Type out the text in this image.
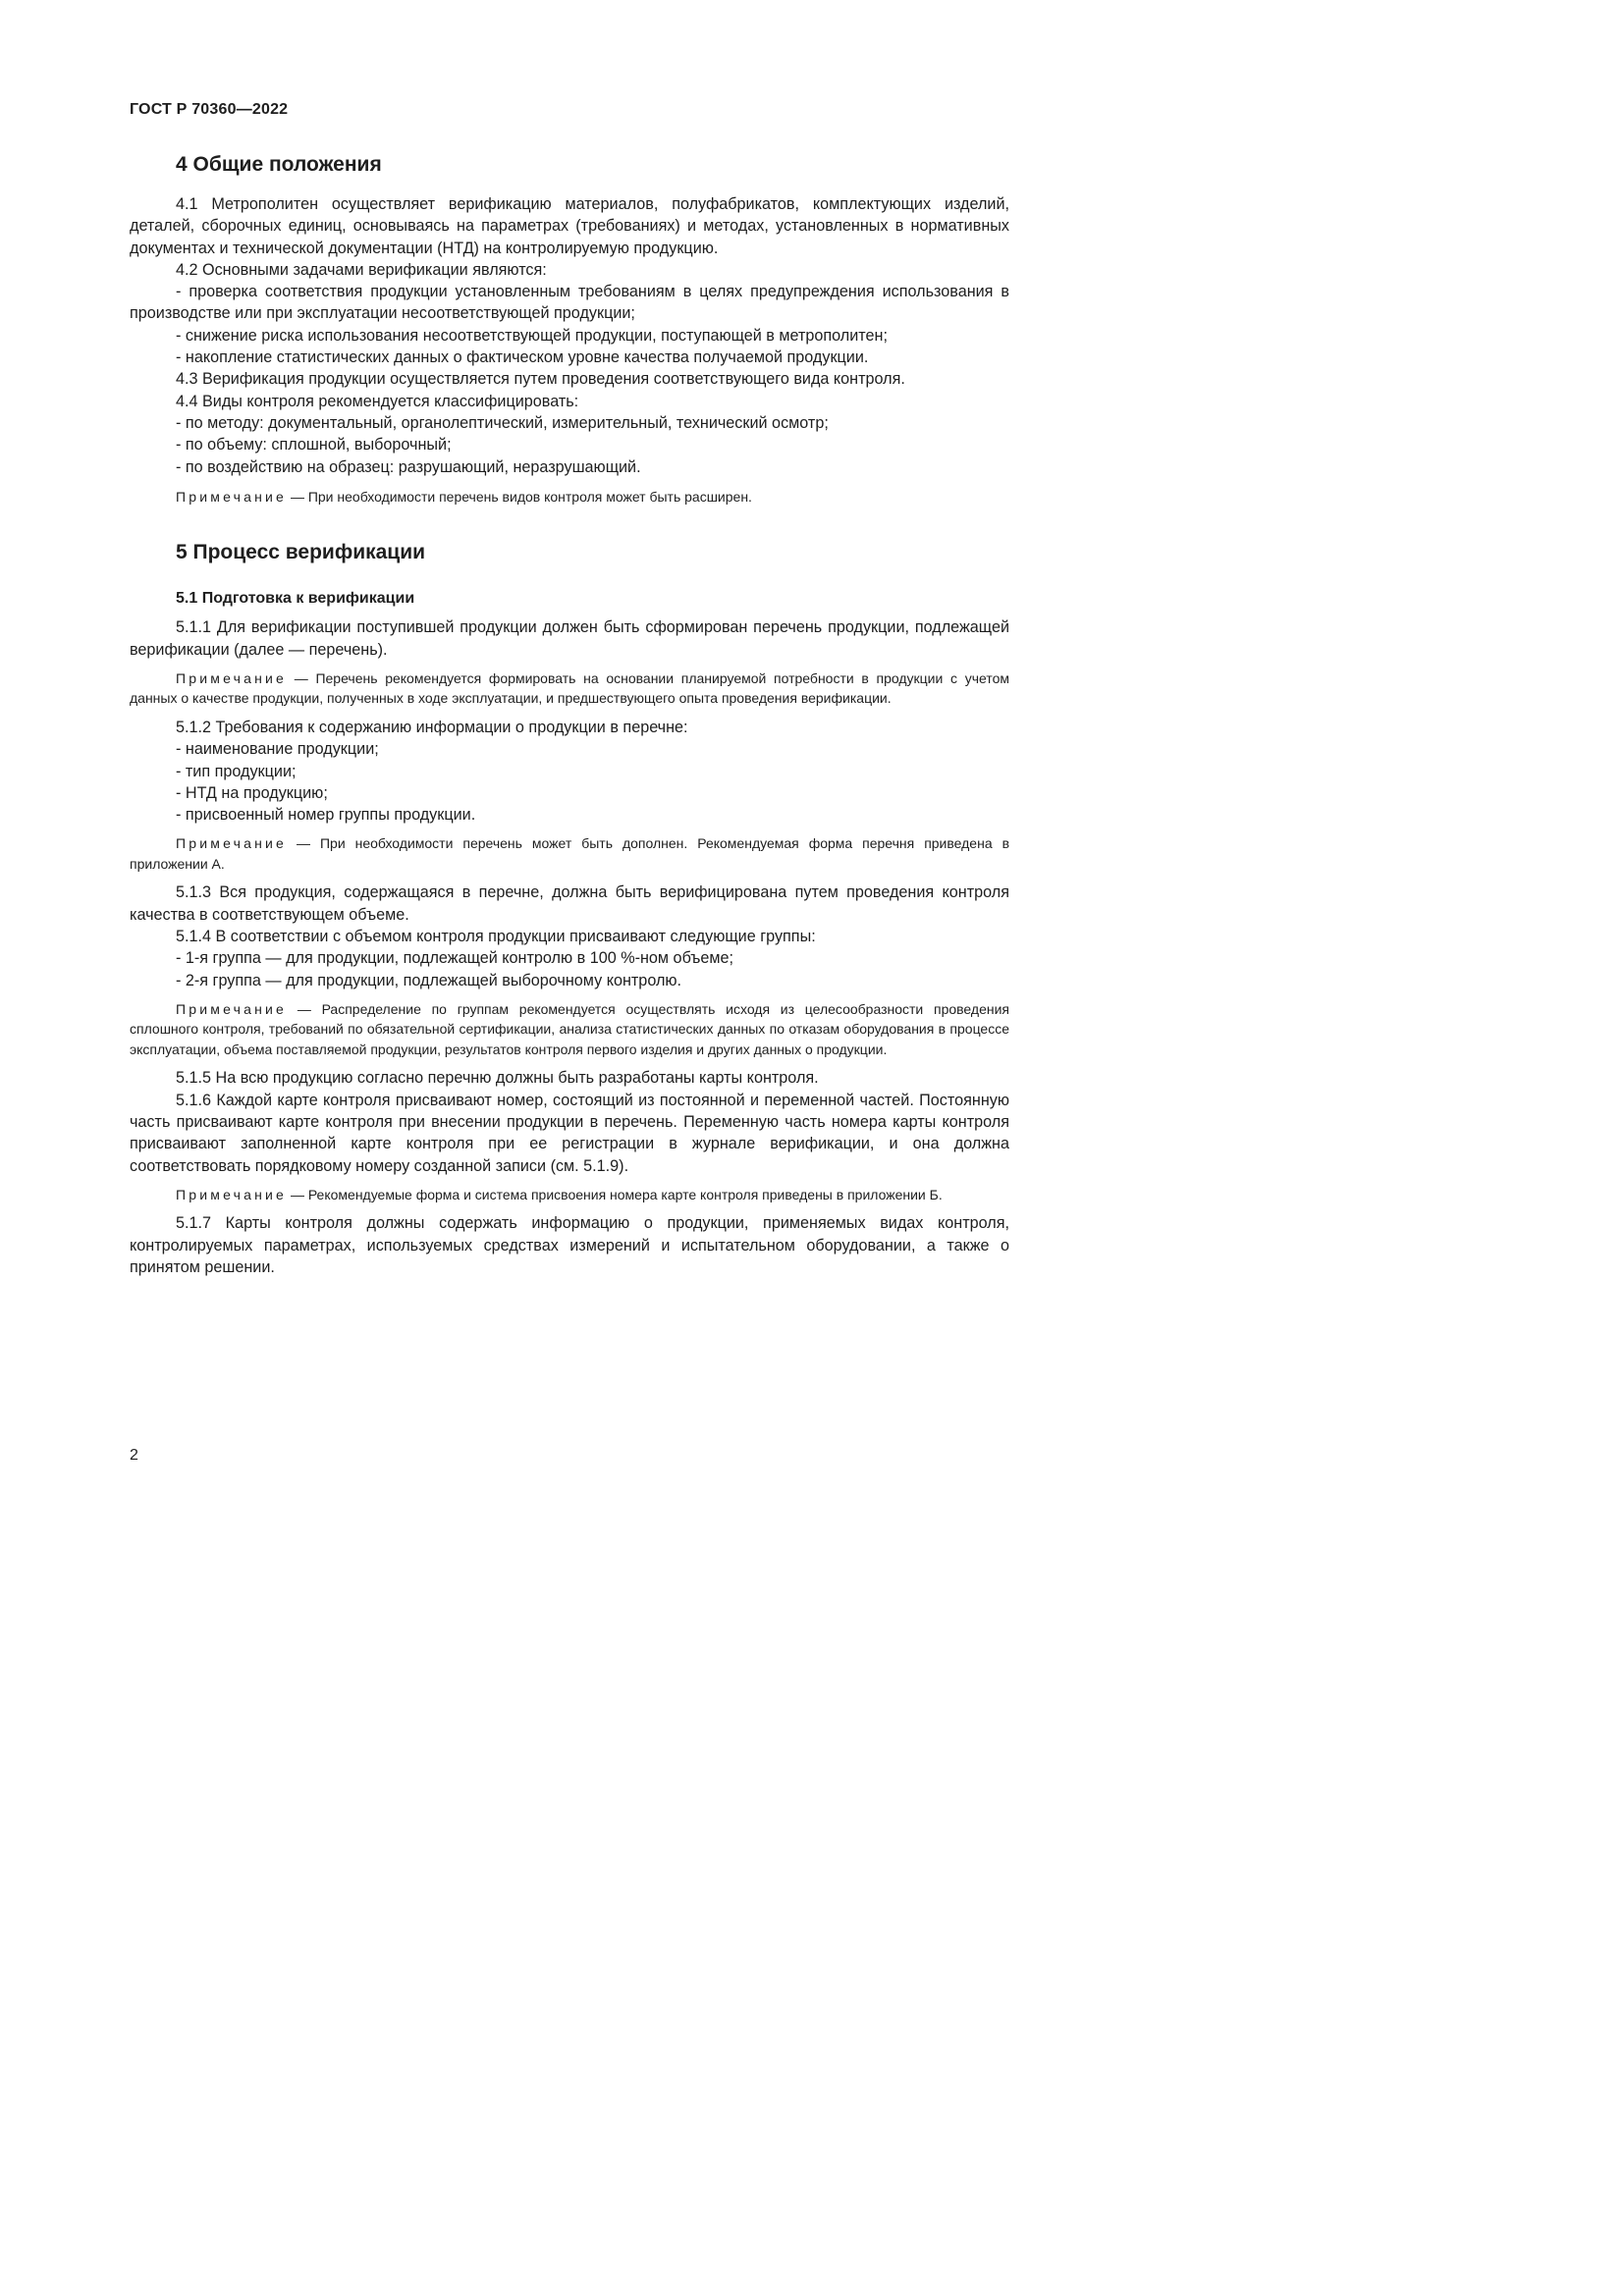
ГОСТ Р 70360—2022
4 Общие положения

4.1 Метрополитен осуществляет верификацию материалов, полуфабрикатов, комплектующих изделий, деталей, сборочных единиц, основываясь на параметрах (требованиях) и методах, установленных в нормативных документах и технической документации (НТД) на контролируемую продукцию.

4.2 Основными задачами верификации являются:

- проверка соответствия продукции установленным требованиям в целях предупреждения использования в производстве или при эксплуатации несоответствующей продукции;

- снижение риска использования несоответствующей продукции, поступающей в метрополитен;

- накопление статистических данных о фактическом уровне качества получаемой продукции.

4.3 Верификация продукции осуществляется путем проведения соответствующего вида контроля.

4.4 Виды контроля рекомендуется классифицировать:

- по методу: документальный, органолептический, измерительный, технический осмотр;

- по объему: сплошной, выборочный;

- по воздействию на образец: разрушающий, неразрушающий.

Примечание — При необходимости перечень видов контроля может быть расширен.

5 Процесс верификации
5.1 Подготовка к верификации

5.1.1 Для верификации поступившей продукции должен быть сформирован перечень продукции, подлежащей верификации (далее — перечень).

Примечание — Перечень рекомендуется формировать на основании планируемой потребности в продукции с учетом данных о качестве продукции, полученных в ходе эксплуатации, и предшествующего опыта проведения верификации.

5.1.2 Требования к содержанию информации о продукции в перечне:

- наименование продукции;

- тип продукции;

- НТД на продукцию;

- присвоенный номер группы продукции.

Примечание — При необходимости перечень может быть дополнен. Рекомендуемая форма перечня приведена в приложении А.

5.1.3 Вся продукция, содержащаяся в перечне, должна быть верифицирована путем проведения контроля качества в соответствующем объеме.

5.1.4 В соответствии с объемом контроля продукции присваивают следующие группы:

- 1-я группа — для продукции, подлежащей контролю в 100 %-ном объеме;

- 2-я группа — для продукции, подлежащей выборочному контролю.

Примечание — Распределение по группам рекомендуется осуществлять исходя из целесообразности проведения сплошного контроля, требований по обязательной сертификации, анализа статистических данных по отказам оборудования в процессе эксплуатации, объема поставляемой продукции, результатов контроля первого изделия и других данных о продукции.

5.1.5 На всю продукцию согласно перечню должны быть разработаны карты контроля.

5.1.6 Каждой карте контроля присваивают номер, состоящий из постоянной и переменной частей. Постоянную часть присваивают карте контроля при внесении продукции в перечень. Переменную часть номера карты контроля присваивают заполненной карте контроля при ее регистрации в журнале верификации, и она должна соответствовать порядковому номеру созданной записи (см. 5.1.9).

Примечание — Рекомендуемые форма и система присвоения номера карте контроля приведены в приложении Б.

5.1.7 Карты контроля должны содержать информацию о продукции, применяемых видах контроля, контролируемых параметрах, используемых средствах измерений и испытательном оборудовании, а также о принятом решении.

2
